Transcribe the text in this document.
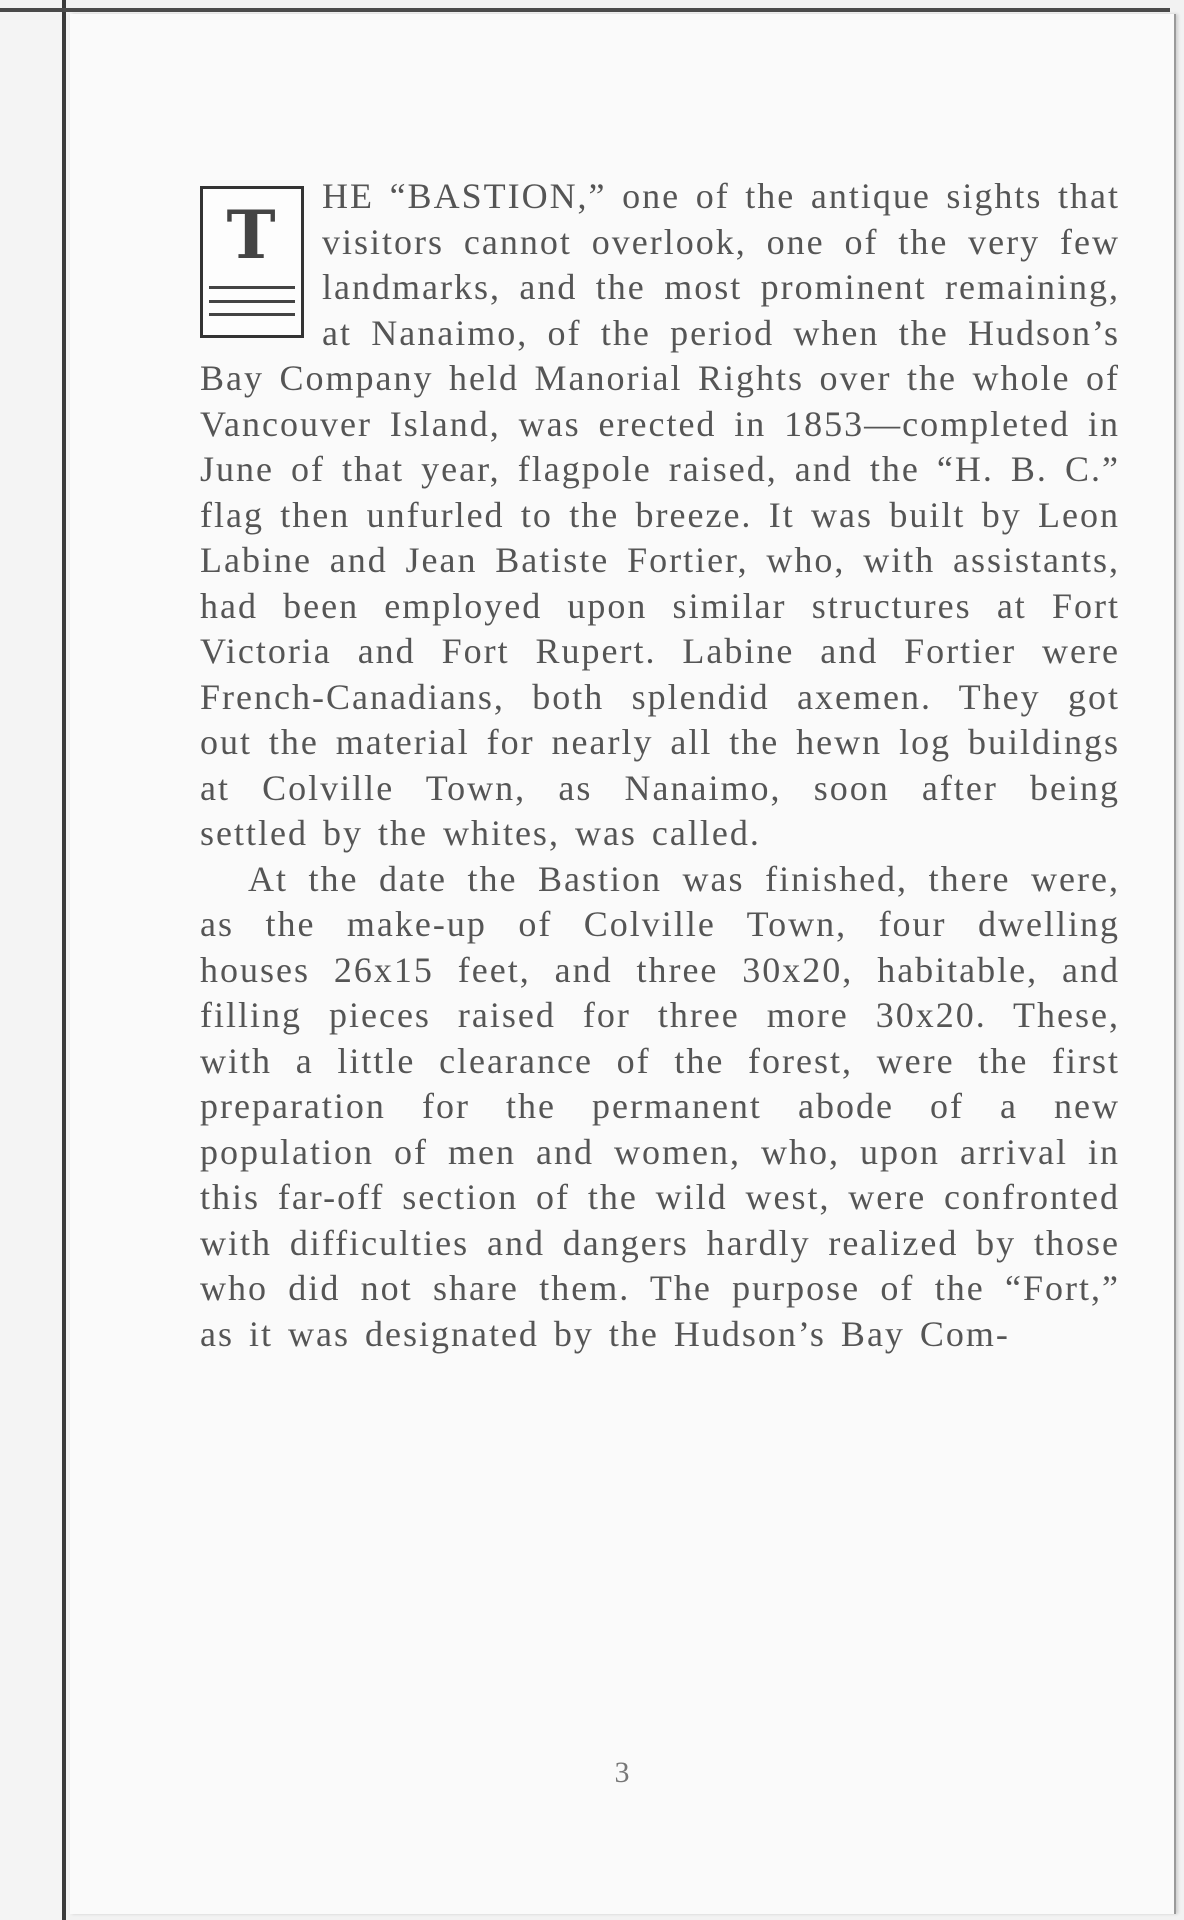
T	HE “BASTION,” one of the antique sights that visitors cannot overlook, one of the very few landmarks, and the most prominent remaining, at Nanaimo, of the period when the Hudson’s Bay Company held Manorial Rights over the whole of Vancouver Island, was erected in 1853—completed in June of that year, flagpole raised, and the “H. B. C.” flag then unfurled to the breeze. It was built by Leon Labine and Jean Batiste Fortier, who, with assistants, had been employed upon similar structures at Fort Victoria and Fort Rupert. Labine and Fortier were French-Canadians, both splendid axemen. They got out the material for nearly all the hewn log buildings at Colville Town, as Nanaimo, soon after being settled by the whites, was called.

At the date the Bastion was finished, there were, as the make-up of Colville Town, four dwelling houses 26x15 feet, and three 30x20, habitable, and filling pieces raised for three more 30x20. These, with a little clearance of the forest, were the first preparation for the permanent abode of a new population of men and women, who, upon arrival in this far-off section of the wild west, were confronted with difficulties and dangers hardly realized by those who did not share them. The purpose of the “Fort,” as it was designated by the Hudson’s Bay Com-

3
